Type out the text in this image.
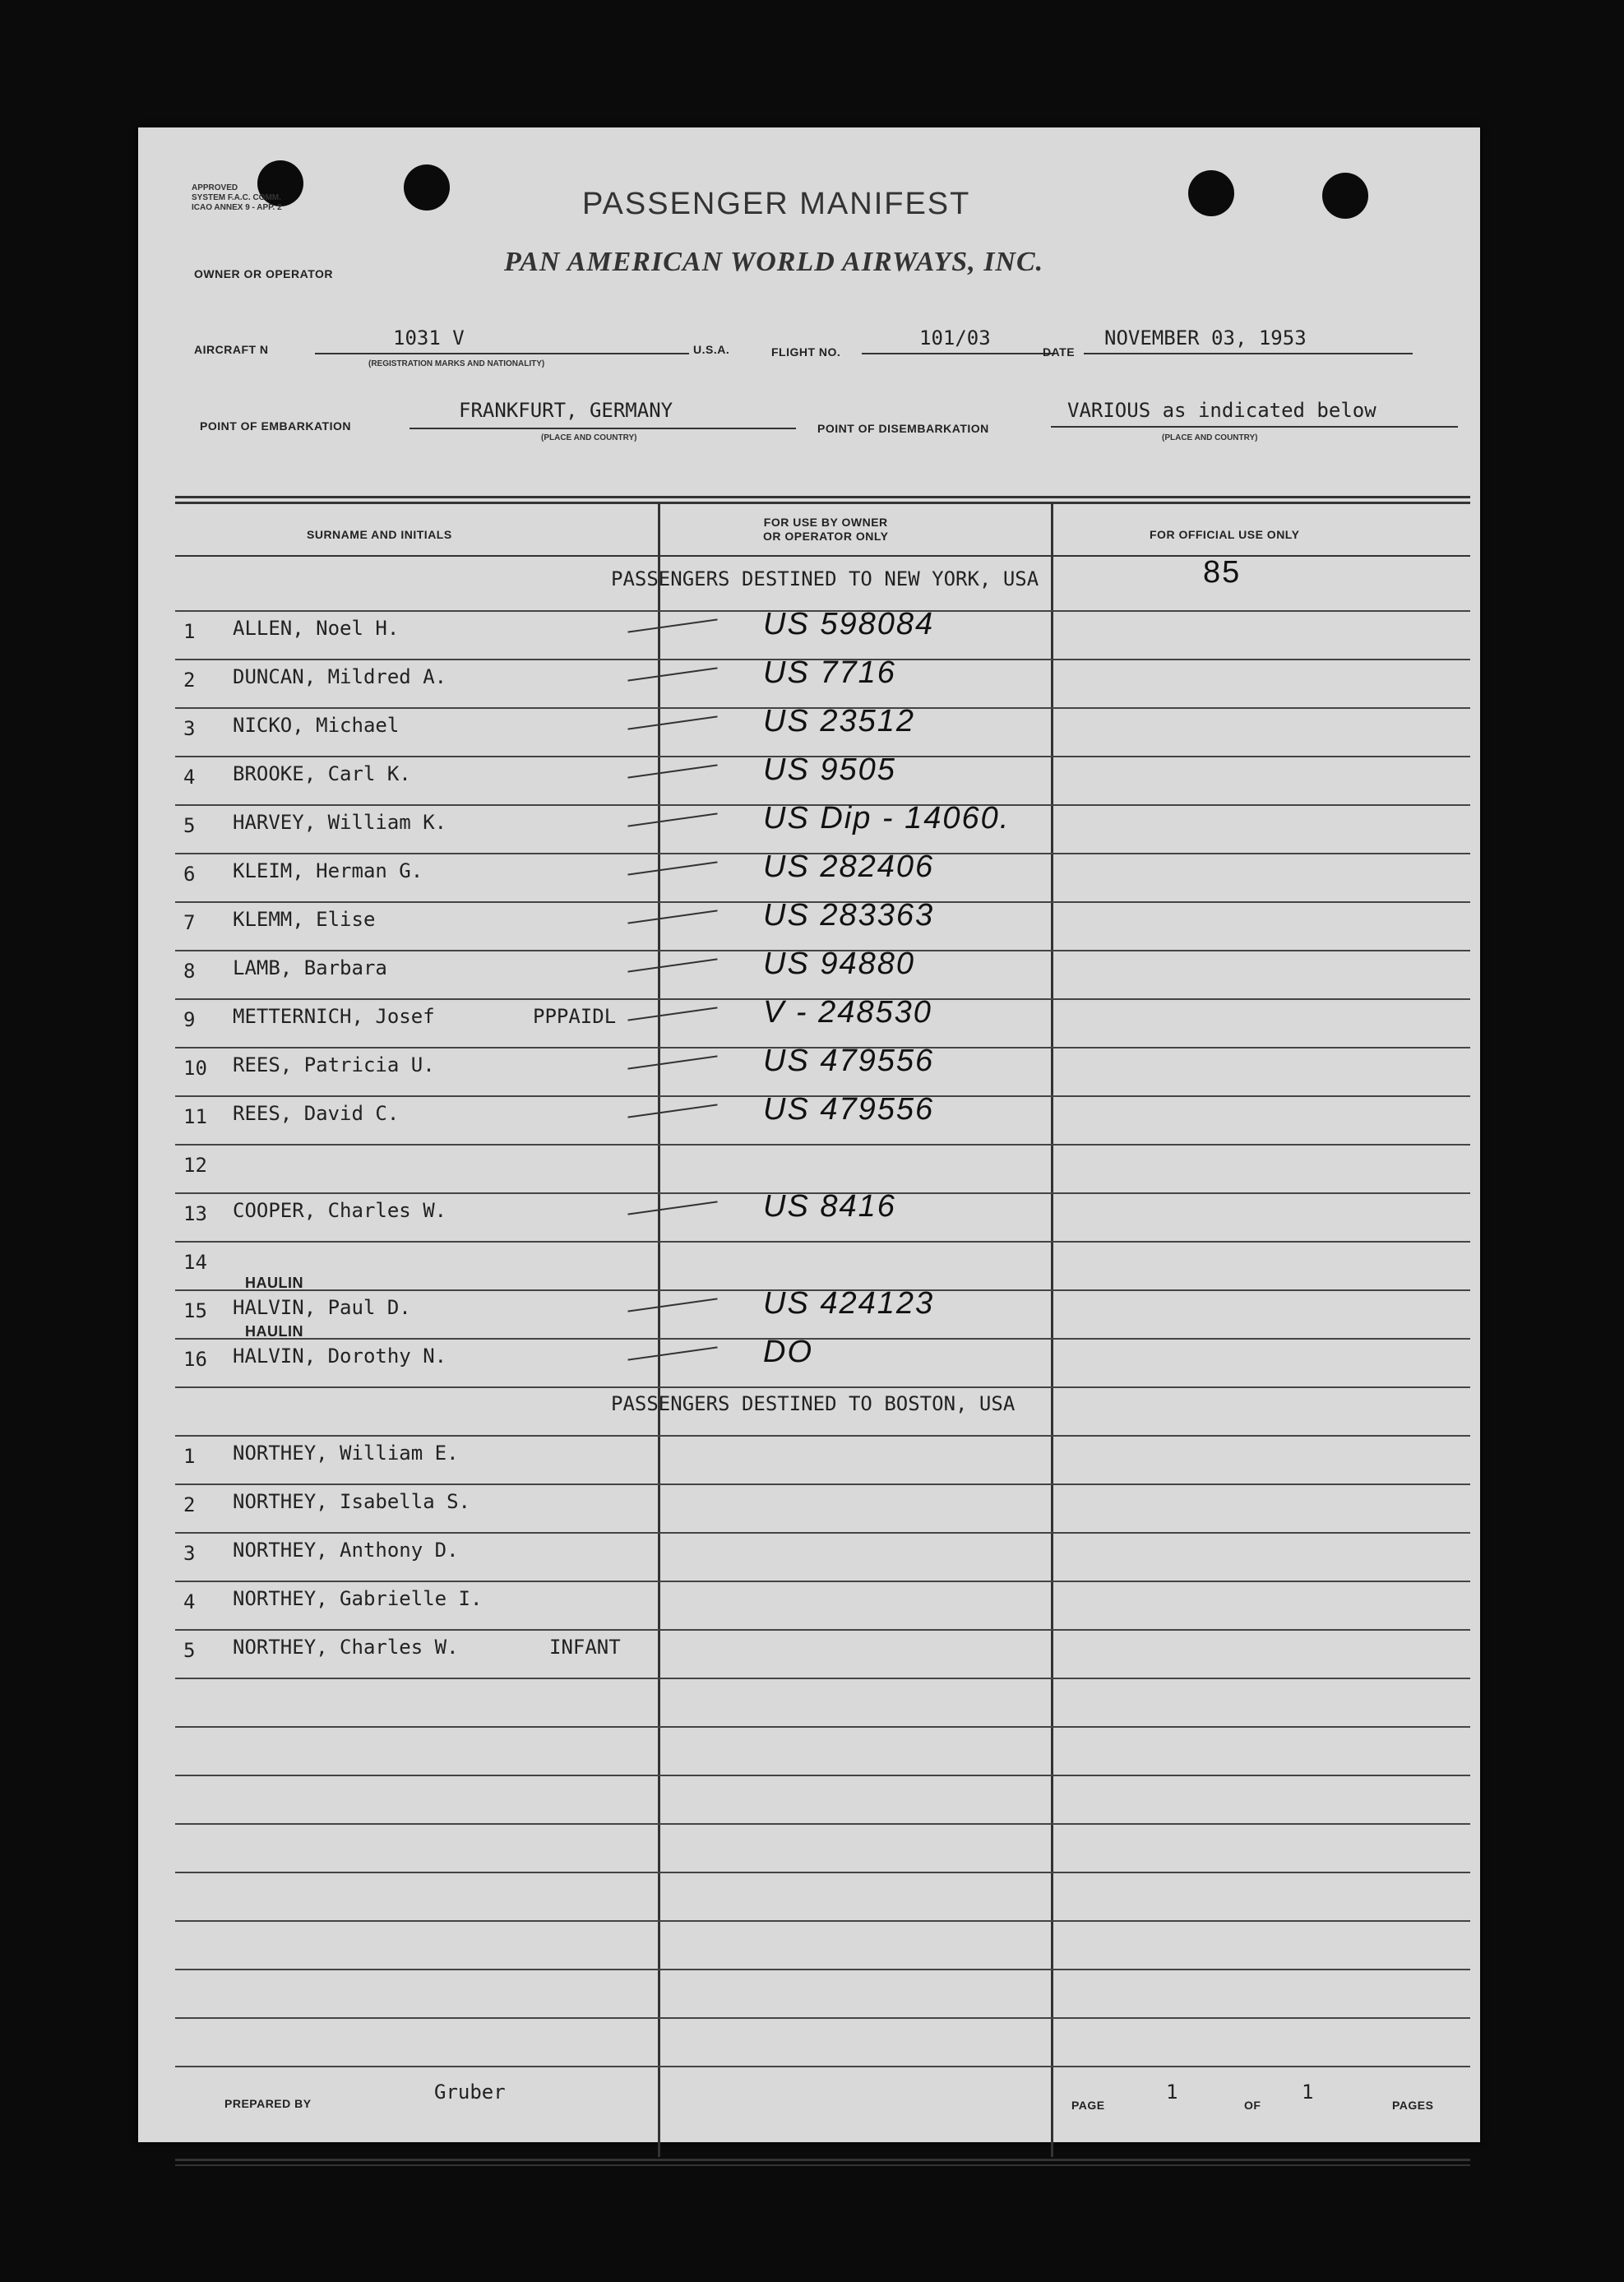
APPROVED
SYSTEM F.A.C. COMM.
ICAO ANNEX 9 - APP. 2	PASSENGER MANIFEST
OWNER OR OPERATOR	PAN AMERICAN WORLD AIRWAYS, INC.
AIRCRAFT N	1031 V
(REGISTRATION MARKS AND NATIONALITY)
U.S.A.	FLIGHT NO.
101/03
DATE
NOVEMBER 03, 1953
POINT OF EMBARKATION
FRANKFURT, GERMANY
(PLACE AND COUNTRY)
POINT OF DISEMBARKATION
VARIOUS as indicated below
(PLACE AND COUNTRY)
SURNAME AND INITIALS
FOR USE BY OWNER
OR OPERATOR ONLY	FOR OFFICIAL USE ONLY
85
PASSENGERS DESTINED TO NEW YORK, USA
1 ALLEN, Noel H.	US 598084
2 DUNCAN, Mildred A.	US 7716
3 NICKO, Michael	US 23512
4 BROOKE, Carl K.	US 9505
5 HARVEY, William K.	US Dip - 14060.
6 KLEIM, Herman G.	US 282406
7 KLEMM, Elise	US 283363
8 LAMB, Barbara	US 94880
9 METTERNICH, Josef	PPPAIDL	V - 248530
10 REES, Patricia U.	US 479556
11 REES, David C.	US 479556
12
13 COOPER, Charles W.	US 8416
14
15 HALVIN, Paul D.	US 424123
HAULIN
16 HALVIN, Dorothy N.	DO
HAULIN
PASSENGERS DESTINED TO BOSTON, USA
1 NORTHEY, William E.
2 NORTHEY, Isabella S.
3 NORTHEY, Anthony D.
4 NORTHEY, Gabrielle I.
5 NORTHEY, Charles W.	INFANT
PREPARED BY	Gruber
PAGE
1
OF
1
PAGES
